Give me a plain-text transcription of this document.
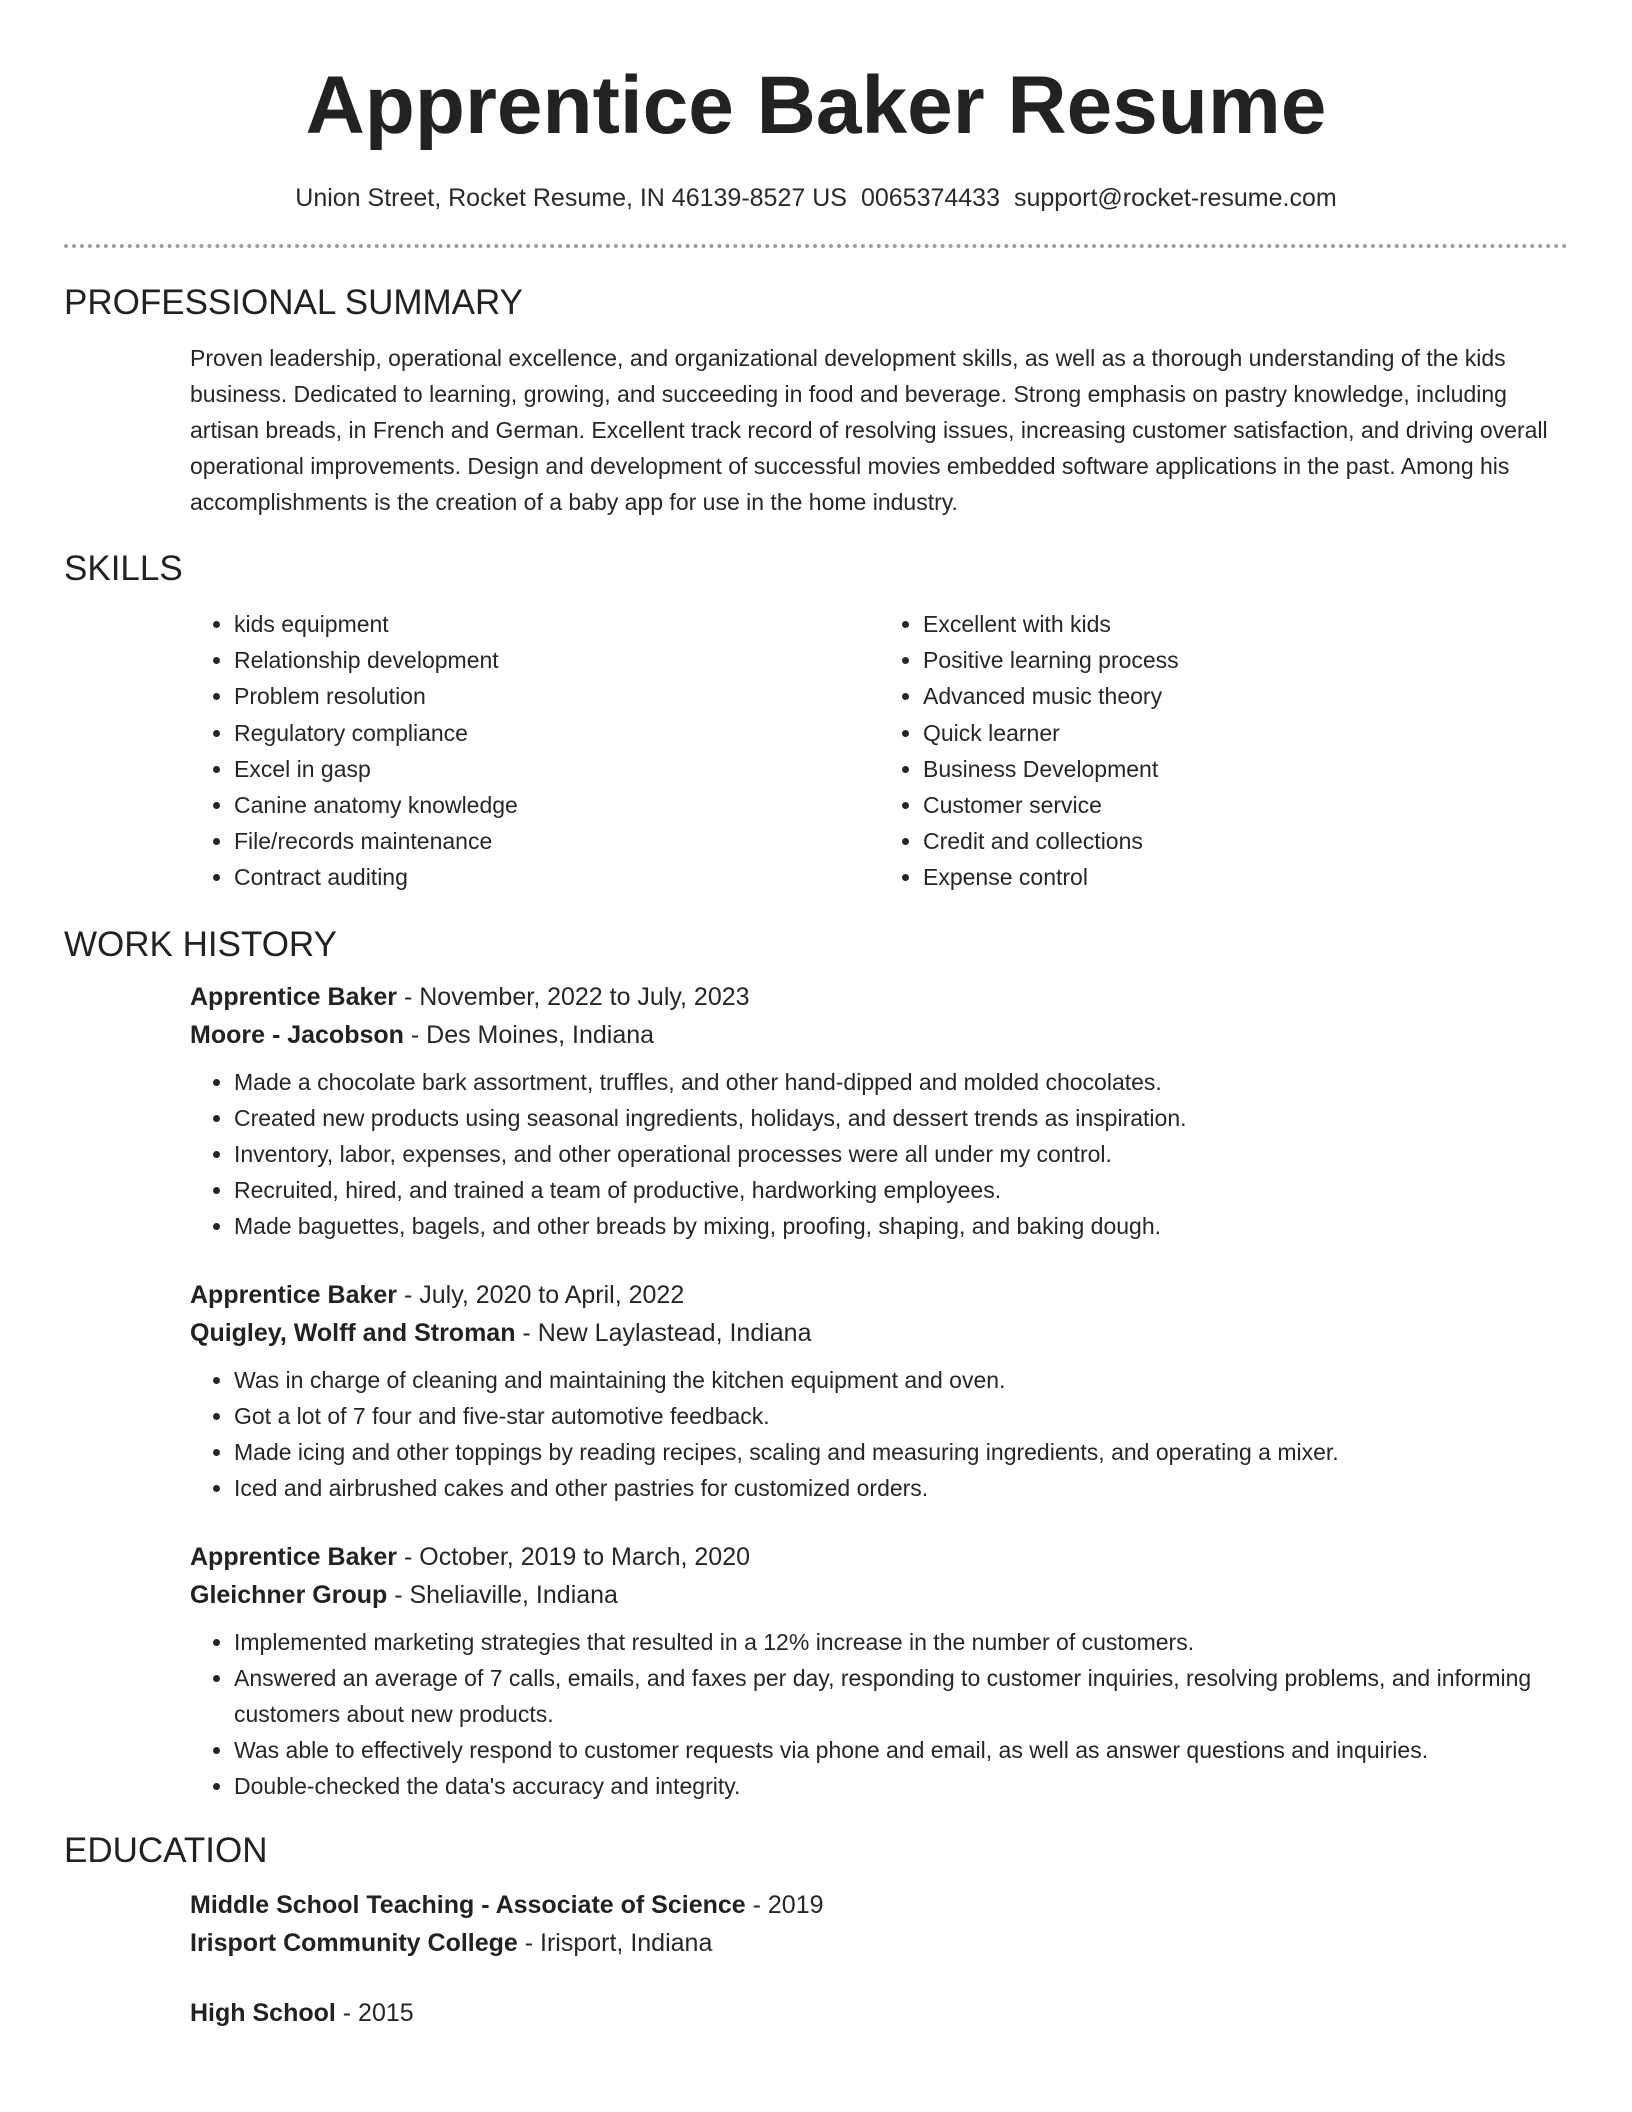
Apprentice Baker Resume
Union Street, Rocket Resume, IN 46139-8527 US 0065374433 support@rocket-resume.com
PROFESSIONAL SUMMARY

Proven leadership, operational excellence, and organizational development skills, as well as a thorough understanding of the kids business. Dedicated to learning, growing, and succeeding in food and beverage. Strong emphasis on pastry knowledge, including artisan breads, in French and German. Excellent track record of resolving issues, increasing customer satisfaction, and driving overall operational improvements. Design and development of successful movies embedded software applications in the past. Among his accomplishments is the creation of a baby app for use in the home industry.

SKILLS
• kids equipment
• Relationship development
• Problem resolution
• Regulatory compliance
• Excel in gasp
• Canine anatomy knowledge
• File/records maintenance
• Contract auditing
• Excellent with kids
• Positive learning process
• Advanced music theory
• Quick learner
• Business Development
• Customer service
• Credit and collections
• Expense control
WORK HISTORY
Apprentice Baker - November, 2022 to July, 2023
Moore - Jacobson - Des Moines, Indiana
• Made a chocolate bark assortment, truffles, and other hand-dipped and molded chocolates.
• Created new products using seasonal ingredients, holidays, and dessert trends as inspiration.
• Inventory, labor, expenses, and other operational processes were all under my control.
• Recruited, hired, and trained a team of productive, hardworking employees.
• Made baguettes, bagels, and other breads by mixing, proofing, shaping, and baking dough.
Apprentice Baker - July, 2020 to April, 2022
Quigley, Wolff and Stroman - New Laylastead, Indiana
• Was in charge of cleaning and maintaining the kitchen equipment and oven.
• Got a lot of 7 four and five-star automotive feedback.
• Made icing and other toppings by reading recipes, scaling and measuring ingredients, and operating a mixer.
• Iced and airbrushed cakes and other pastries for customized orders.
Apprentice Baker - October, 2019 to March, 2020
Gleichner Group - Sheliaville, Indiana
• Implemented marketing strategies that resulted in a 12% increase in the number of customers.
• Answered an average of 7 calls, emails, and faxes per day, responding to customer inquiries, resolving problems, and informing customers about new products.
• Was able to effectively respond to customer requests via phone and email, as well as answer questions and inquiries.
• Double-checked the data's accuracy and integrity.
EDUCATION
Middle School Teaching - Associate of Science - 2019
Irisport Community College - Irisport, Indiana
High School - 2015
